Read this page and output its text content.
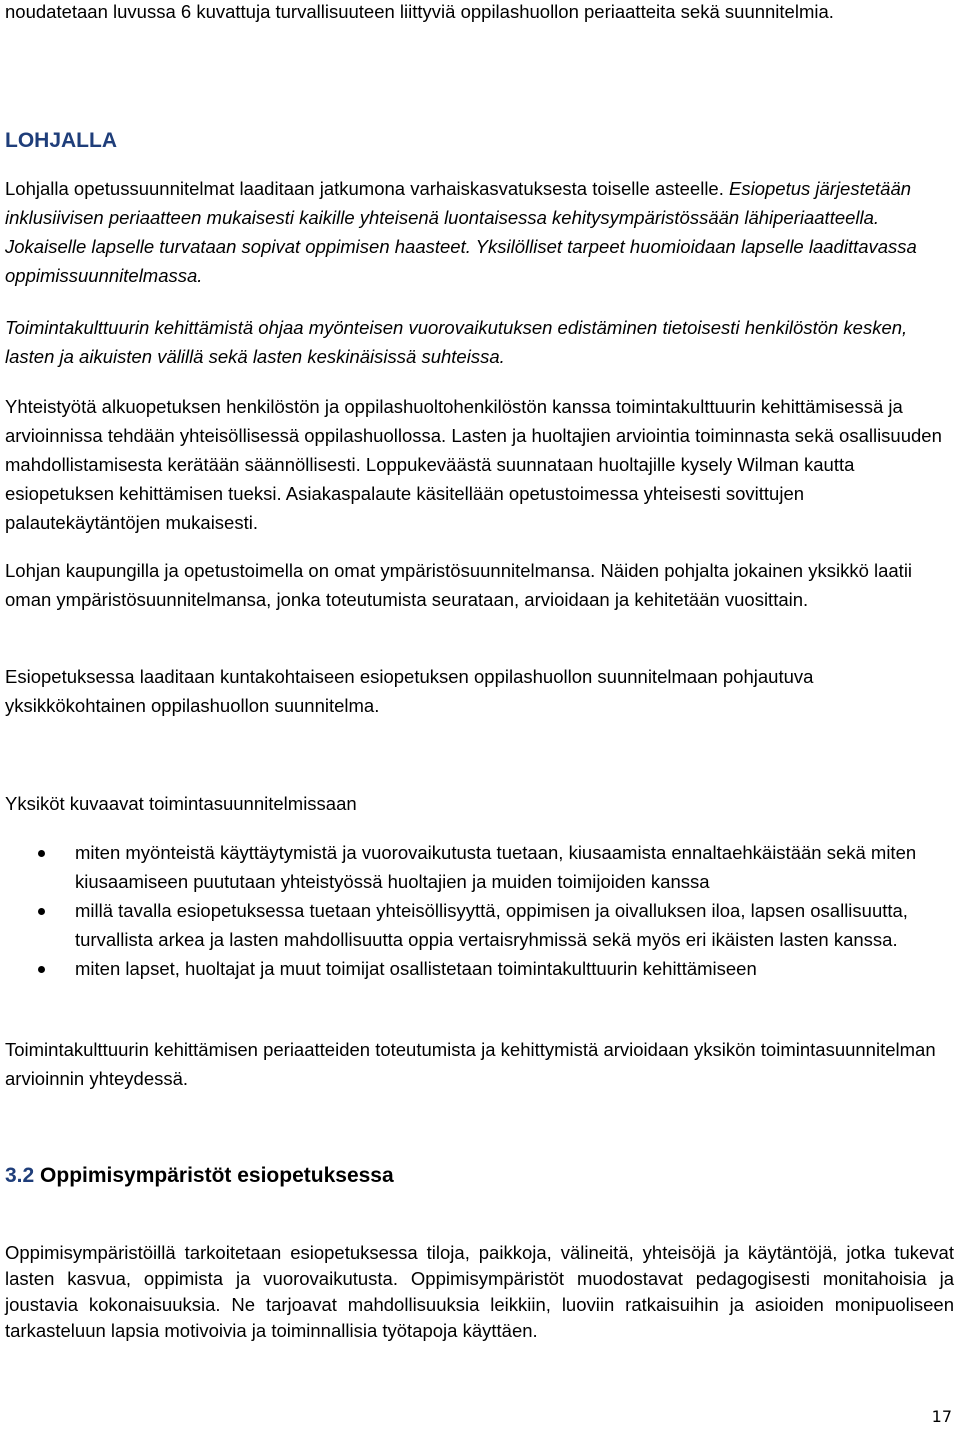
noudatetaan luvussa 6 kuvattuja turvallisuuteen liittyviä oppilashuollon periaatteita sekä suunnitelmia.

LOHJALLA

Lohjalla opetussuunnitelmat laaditaan jatkumona varhaiskasvatuksesta toiselle asteelle. Esiopetus järjestetään inklusiivisen periaatteen mukaisesti kaikille yhteisenä luontaisessa kehitysympäristössään lähiperiaatteella. Jokaiselle lapselle turvataan sopivat oppimisen haasteet. Yksilölliset tarpeet huomioidaan lapselle laadittavassa oppimissuunnitelmassa.

Toimintakulttuurin kehittämistä ohjaa myönteisen vuorovaikutuksen edistäminen tietoisesti henkilöstön kesken, lasten ja aikuisten välillä sekä lasten keskinäisissä suhteissa.

Yhteistyötä alkuopetuksen henkilöstön ja oppilashuoltohenkilöstön kanssa toimintakulttuurin kehittämisessä ja arvioinnissa tehdään yhteisöllisessä oppilashuollossa. Lasten ja huoltajien arviointia toiminnasta sekä osallisuuden mahdollistamisesta kerätään säännöllisesti. Loppukeväästä suunnataan huoltajille kysely Wilman kautta esiopetuksen kehittämisen tueksi. Asiakaspalaute käsitellään opetustoimessa yhteisesti sovittujen palautekäytäntöjen mukaisesti.

Lohjan kaupungilla ja opetustoimella on omat ympäristösuunnitelmansa. Näiden pohjalta jokainen yksikkö laatii oman ympäristösuunnitelmansa, jonka toteutumista seurataan, arvioidaan ja kehitetään vuosittain.

Esiopetuksessa laaditaan kuntakohtaiseen esiopetuksen oppilashuollon suunnitelmaan pohjautuva yksikkökohtainen oppilashuollon suunnitelma.

Yksiköt kuvaavat toimintasuunnitelmissaan

miten myönteistä käyttäytymistä ja vuorovaikutusta tuetaan, kiusaamista ennaltaehkäistään sekä miten kiusaamiseen puututaan yhteistyössä huoltajien ja muiden toimijoiden kanssa
millä tavalla esiopetuksessa tuetaan yhteisöllisyyttä, oppimisen ja oivalluksen iloa, lapsen osallisuutta, turvallista arkea ja lasten mahdollisuutta oppia vertaisryhmissä sekä myös eri ikäisten lasten kanssa.
miten lapset, huoltajat ja muut toimijat osallistetaan toimintakulttuurin kehittämiseen

Toimintakulttuurin kehittämisen periaatteiden toteutumista ja kehittymistä arvioidaan yksikön toimintasuunnitelman arvioinnin yhteydessä.

3.2 Oppimisympäristöt esiopetuksessa

Oppimisympäristöillä tarkoitetaan esiopetuksessa tiloja, paikkoja, välineitä, yhteisöjä ja käytäntöjä, jotka tukevat lasten kasvua, oppimista ja vuorovaikutusta. Oppimisympäristöt muodostavat pedagogisesti monitahoisia ja joustavia kokonaisuuksia. Ne tarjoavat mahdollisuuksia leikkiin, luoviin ratkaisuihin ja asioiden monipuoliseen tarkasteluun lapsia motivoivia ja toiminnallisia työtapoja käyttäen.

17
